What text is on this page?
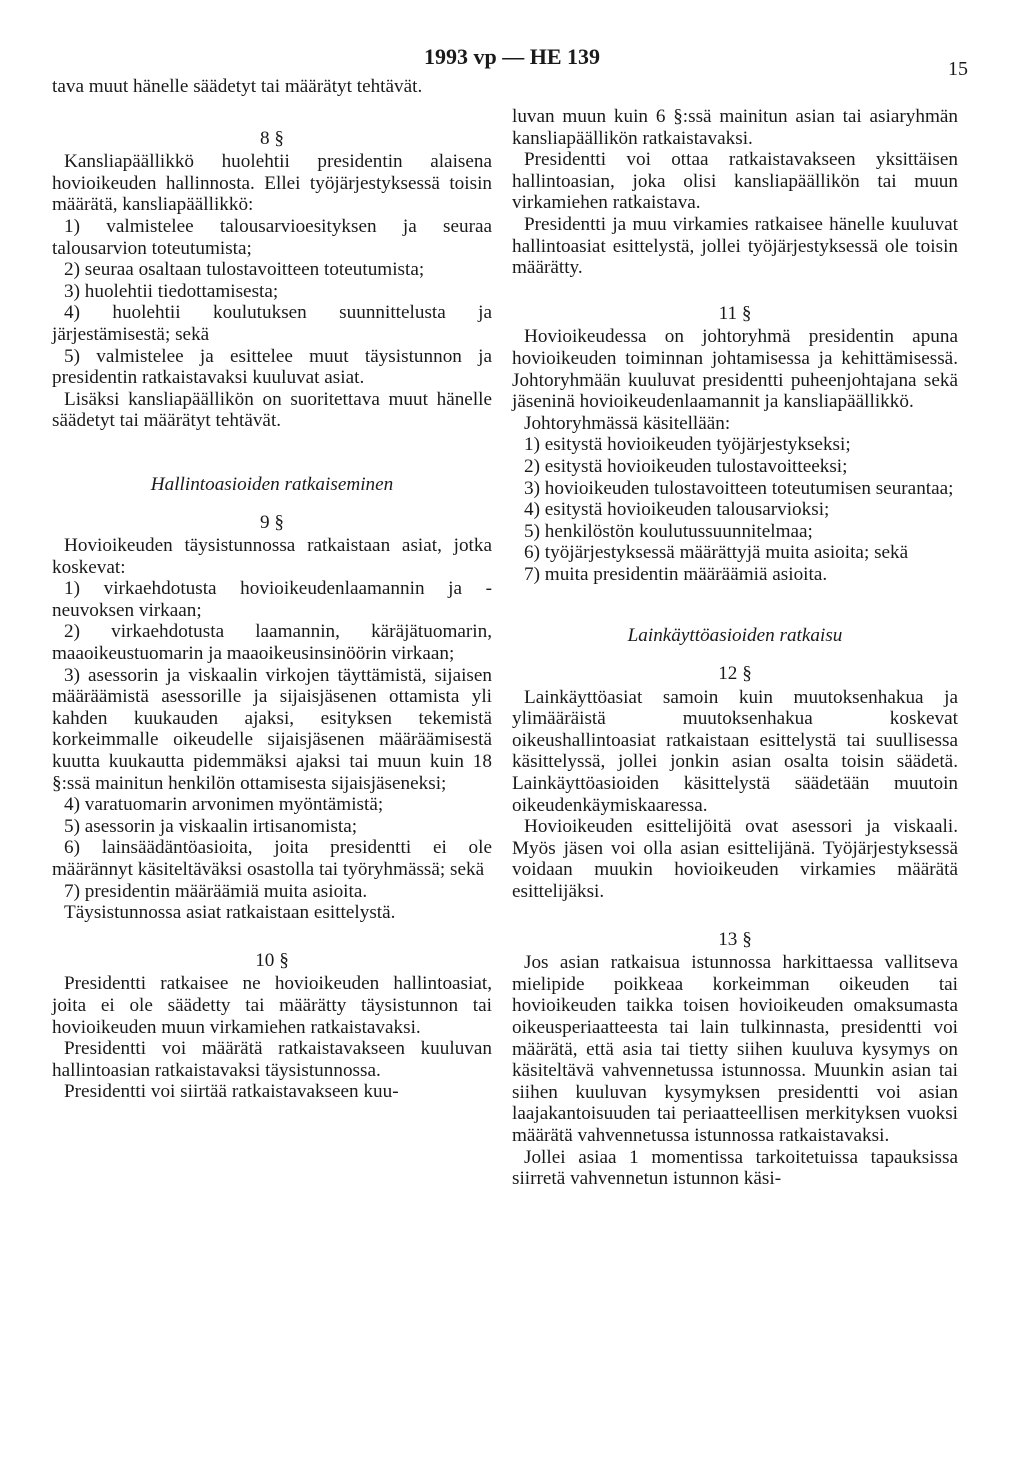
1993 vp — HE 139	15

tava muut hänelle säädetyt tai määrätyt tehtävät.

8 §

Kansliapäällikkö huolehtii presidentin alaisena hovioikeuden hallinnosta. Ellei työjärjestyksessä toisin määrätä, kansliapäällikkö:

1) valmistelee talousarvioesityksen ja seuraa talousarvion toteutumista;

2) seuraa osaltaan tulostavoitteen toteutumista;

3) huolehtii tiedottamisesta;

4) huolehtii koulutuksen suunnittelusta ja järjestämisestä; sekä

5) valmistelee ja esittelee muut täysistunnon ja presidentin ratkaistavaksi kuuluvat asiat.

Lisäksi kansliapäällikön on suoritettava muut hänelle säädetyt tai määrätyt tehtävät.

Hallintoasioiden ratkaiseminen
9 §

Hovioikeuden täysistunnossa ratkaistaan asiat, jotka koskevat:

1) virkaehdotusta hovioikeudenlaamannin ja -neuvoksen virkaan;

2) virkaehdotusta laamannin, käräjätuomarin, maaoikeustuomarin ja maaoikeusinsinöörin virkaan;

3) asessorin ja viskaalin virkojen täyttämistä, sijaisen määräämistä asessorille ja sijaisjäsenen ottamista yli kahden kuukauden ajaksi, esityksen tekemistä korkeimmalle oikeudelle sijaisjäsenen määräämisestä kuutta kuukautta pidemmäksi ajaksi tai muun kuin 18 §:ssä mainitun henkilön ottamisesta sijaisjäseneksi;

4) varatuomarin arvonimen myöntämistä;

5) asessorin ja viskaalin irtisanomista;

6) lainsäädäntöasioita, joita presidentti ei ole määrännyt käsiteltäväksi osastolla tai työryhmässä; sekä

7) presidentin määräämiä muita asioita.

Täysistunnossa asiat ratkaistaan esittelystä.

10 §

Presidentti ratkaisee ne hovioikeuden hallintoasiat, joita ei ole säädetty tai määrätty täysistunnon tai hovioikeuden muun virkamiehen ratkaistavaksi.

Presidentti voi määrätä ratkaistavakseen kuuluvan hallintoasian ratkaistavaksi täysistunnossa.

Presidentti voi siirtää ratkaistavakseen kuu-

luvan muun kuin 6 §:ssä mainitun asian tai asiaryhmän kansliapäällikön ratkaistavaksi.

Presidentti voi ottaa ratkaistavakseen yksittäisen hallintoasian, joka olisi kansliapäällikön tai muun virkamiehen ratkaistava.

Presidentti ja muu virkamies ratkaisee hänelle kuuluvat hallintoasiat esittelystä, jollei työjärjestyksessä ole toisin määrätty.

11 §

Hovioikeudessa on johtoryhmä presidentin apuna hovioikeuden toiminnan johtamisessa ja kehittämisessä. Johtoryhmään kuuluvat presidentti puheenjohtajana sekä jäseninä hovioikeudenlaamannit ja kansliapäällikkö.

Johtoryhmässä käsitellään:

1) esitystä hovioikeuden työjärjestykseksi;

2) esitystä hovioikeuden tulostavoitteeksi;

3) hovioikeuden tulostavoitteen toteutumisen seurantaa;

4) esitystä hovioikeuden talousarvioksi;

5) henkilöstön koulutussuunnitelmaa;

6) työjärjestyksessä määrättyjä muita asioita; sekä

7) muita presidentin määräämiä asioita.

Lainkäyttöasioiden ratkaisu
12 §

Lainkäyttöasiat samoin kuin muutoksenhakua ja ylimääräistä muutoksenhakua koskevat oikeushallintoasiat ratkaistaan esittelystä tai suullisessa käsittelyssä, jollei jonkin asian osalta toisin säädetä. Lainkäyttöasioiden käsittelystä säädetään muutoin oikeudenkäymiskaaressa.

Hovioikeuden esittelijöitä ovat asessori ja viskaali. Myös jäsen voi olla asian esittelijänä. Työjärjestyksessä voidaan muukin hovioikeuden virkamies määrätä esittelijäksi.

13 §

Jos asian ratkaisua istunnossa harkittaessa vallitseva mielipide poikkeaa korkeimman oikeuden tai hovioikeuden taikka toisen hovioikeuden omaksumasta oikeusperiaatteesta tai lain tulkinnasta, presidentti voi määrätä, että asia tai tietty siihen kuuluva kysymys on käsiteltävä vahvennetussa istunnossa. Muunkin asian tai siihen kuuluvan kysymyksen presidentti voi asian laajakantoisuuden tai periaatteellisen merkityksen vuoksi määrätä vahvennetussa istunnossa ratkaistavaksi.

Jollei asiaa 1 momentissa tarkoitetuissa tapauksissa siirretä vahvennetun istunnon käsi-
